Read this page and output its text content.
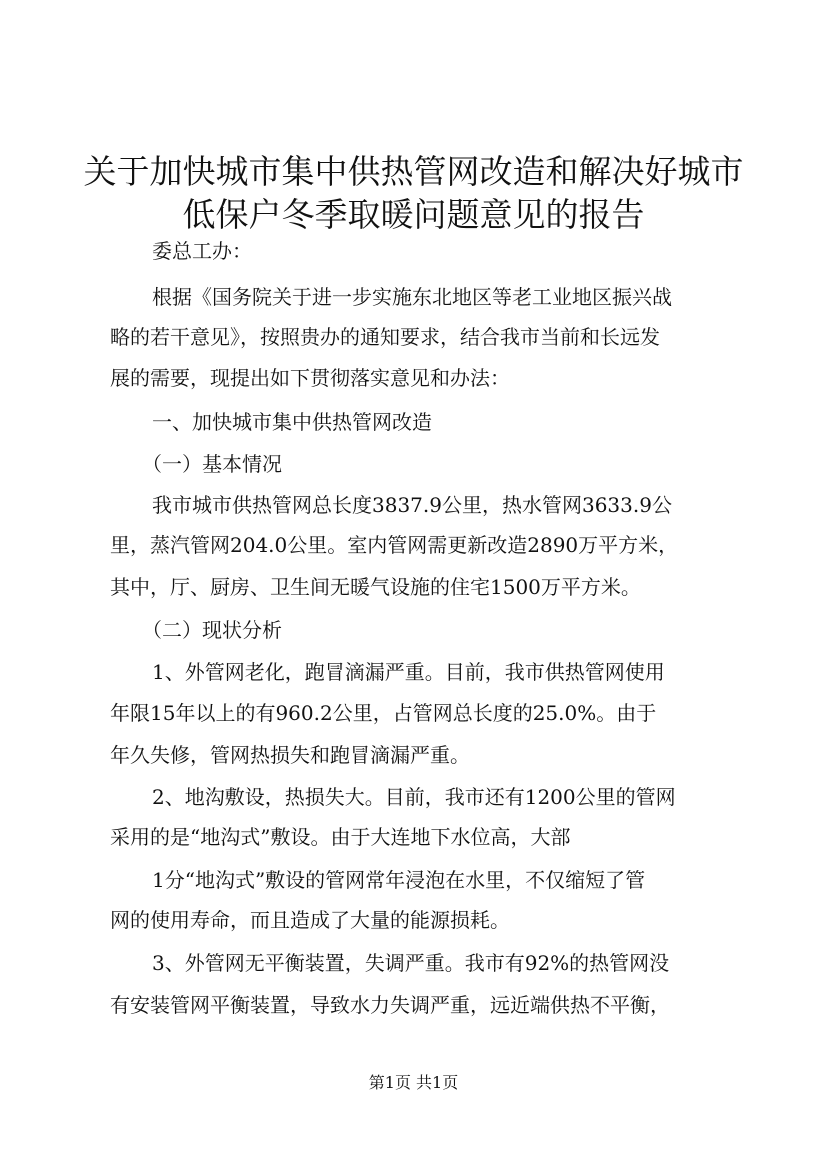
关于加快城市集中供热管网改造和解决好城市
低保户冬季取暖问题意见的报告
委总工办：
根据《国务院关于进一步实施东北地区等老工业地区振兴战
略的若干意见》，按照贵办的通知要求，结合我市当前和长远发
展的需要，现提出如下贯彻落实意见和办法：
一、加快城市集中供热管网改造
（一）基本情况
我市城市供热管网总长度3837.9公里，热水管网3633.9公
里，蒸汽管网204.0公里。室内管网需更新改造2890万平方米，
其中，厅、厨房、卫生间无暖气设施的住宅1500万平方米。
（二）现状分析
1、外管网老化，跑冒滴漏严重。目前，我市供热管网使用
年限15年以上的有960.2公里，占管网总长度的25.0%。由于
年久失修，管网热损失和跑冒滴漏严重。
2、地沟敷设，热损失大。目前，我市还有1200公里的管网
采用的是“地沟式”敷设。由于大连地下水位高，大部
1分“地沟式”敷设的管网常年浸泡在水里，不仅缩短了管
网的使用寿命，而且造成了大量的能源损耗。
3、外管网无平衡装置，失调严重。我市有92%的热管网没
有安装管网平衡装置，导致水力失调严重，远近端供热不平衡，
第1页 共1页
